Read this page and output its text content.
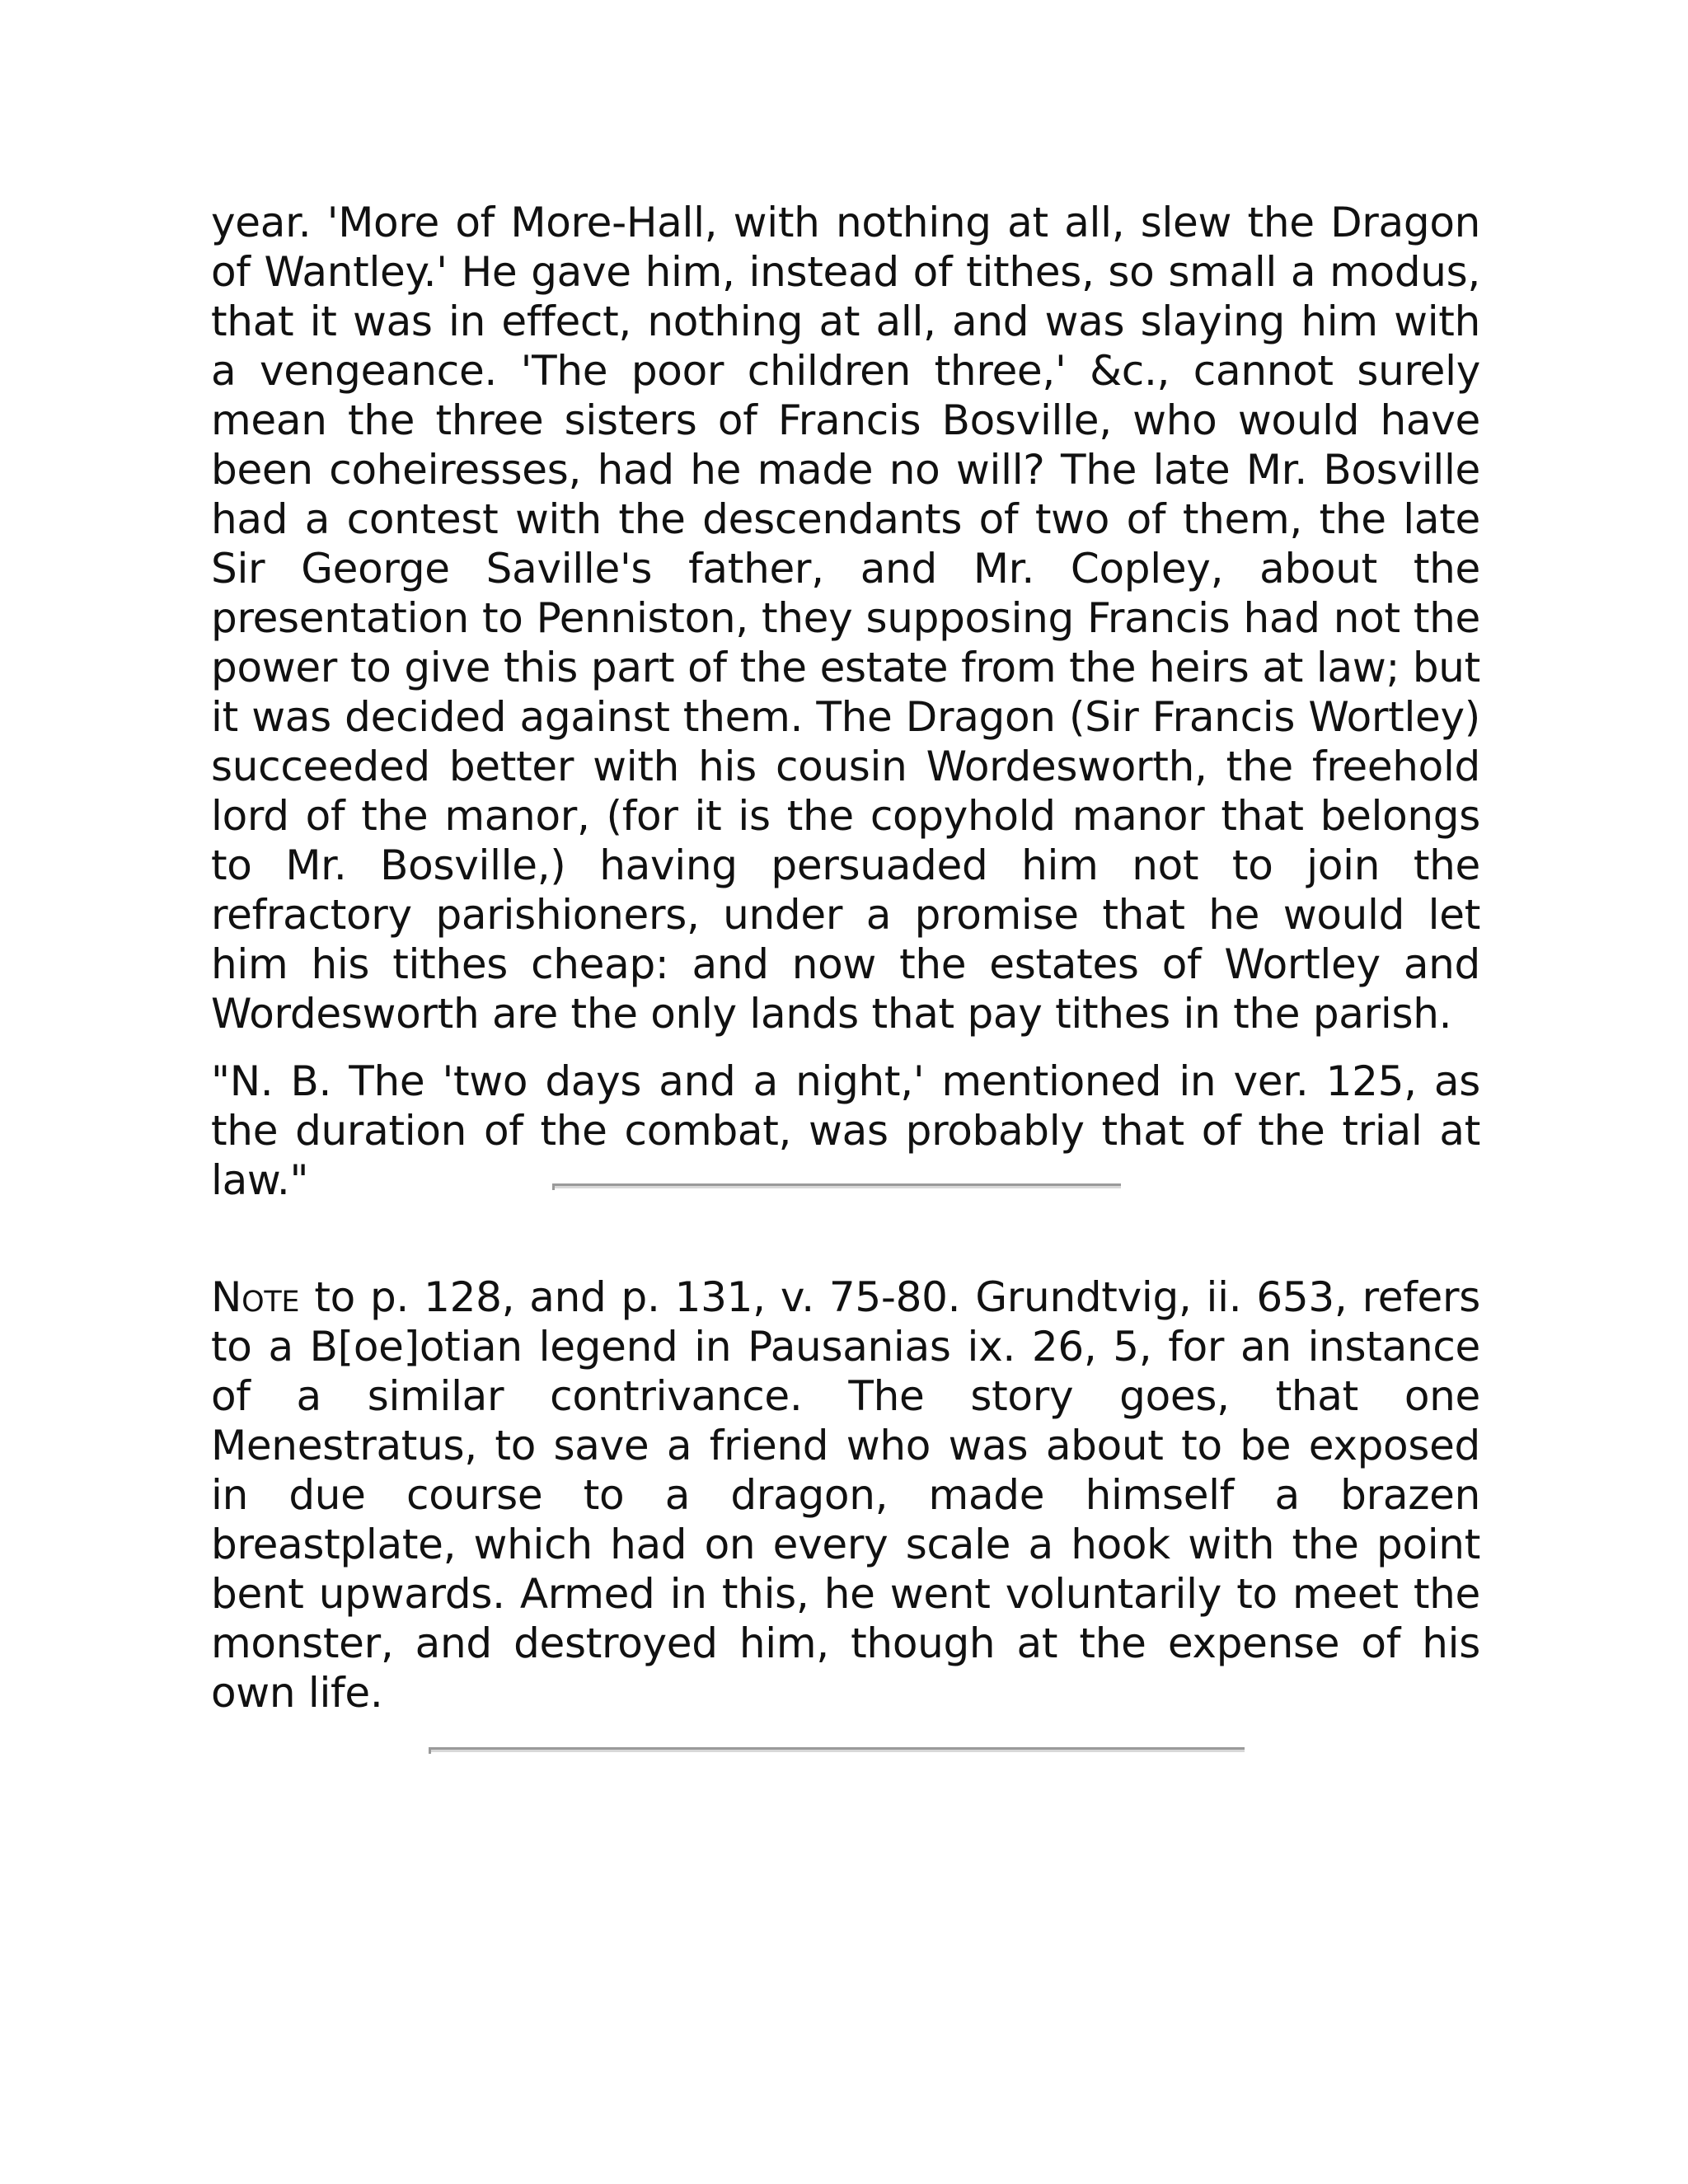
year. 'More of More-Hall, with nothing at all, slew the Dragon of Wantley.' He gave him, instead of tithes, so small a modus, that it was in effect, nothing at all, and was slaying him with a vengeance. 'The poor children three,' &c., cannot surely mean the three sisters of Francis Bosville, who would have been coheiresses, had he made no will? The late Mr. Bosville had a contest with the descendants of two of them, the late Sir George Saville's father, and Mr. Copley, about the presentation to Penniston, they supposing Francis had not the power to give this part of the estate from the heirs at law; but it was decided against them. The Dragon (Sir Francis Wortley) succeeded better with his cousin Wordesworth, the freehold lord of the manor, (for it is the copyhold manor that belongs to Mr. Bosville,) having persuaded him not to join the refractory parishioners, under a promise that he would let him his tithes cheap: and now the estates of Wortley and Wordesworth are the only lands that pay tithes in the parish.

"N. B. The 'two days and a night,' mentioned in ver. 125, as the duration of the combat, was probably that of the trial at law."

Note to p. 128, and p. 131, v. 75-80. Grundtvig, ii. 653, refers to a B[oe]otian legend in Pausanias ix. 26, 5, for an instance of a similar contrivance. The story goes, that one Menestratus, to save a friend who was about to be exposed in due course to a dragon, made himself a brazen breastplate, which had on every scale a hook with the point bent upwards. Armed in this, he went voluntarily to meet the monster, and destroyed him, though at the expense of his own life.
